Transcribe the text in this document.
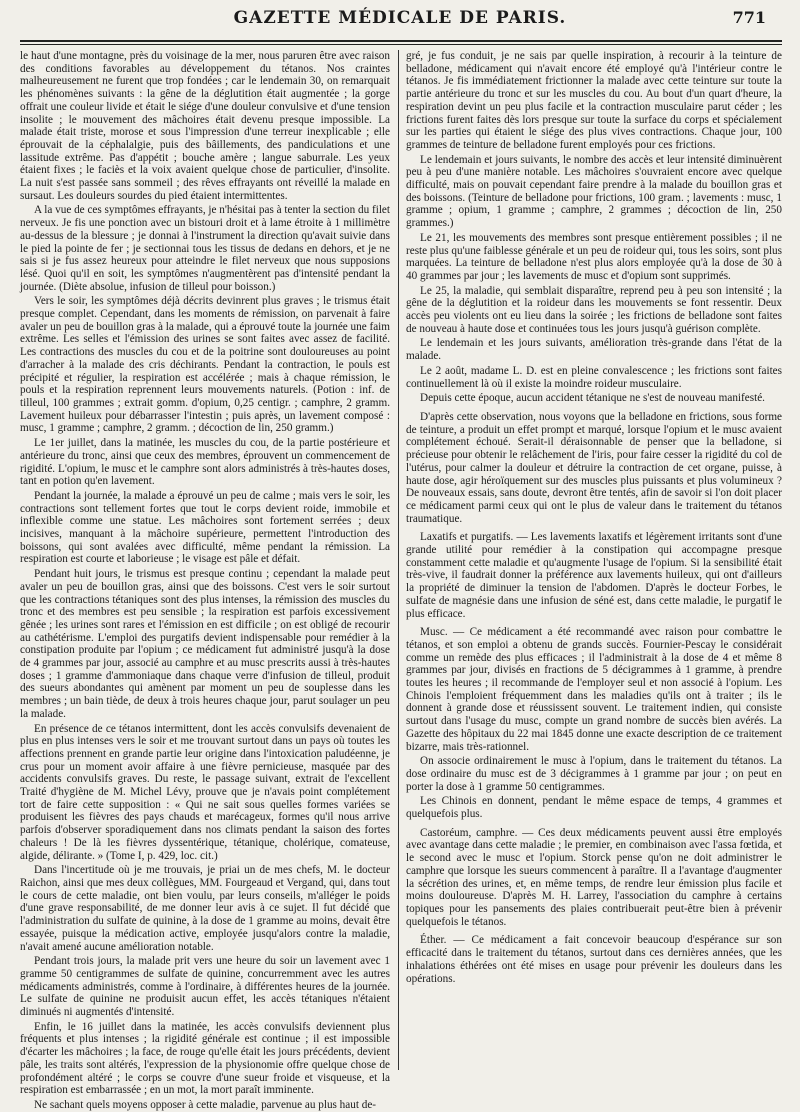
GAZETTE MÉDICALE DE PARIS.	771

le haut d'une montagne, près du voisinage de la mer, nous paruren être avec raison des conditions favorables au développement du tétanos. Nos craintes malheureusement ne furent que trop fondées ; car le lendemain 30, on remarquait les phénomènes suivants : la gêne de la déglutition était augmentée ; la gorge offrait une couleur livide et était le siége d'une douleur convulsive et d'une tension insolite ; le mouvement des mâchoires était devenu presque impossible. La malade était triste, morose et sous l'impression d'une terreur inexplicable ; elle éprouvait de la céphalalgie, puis des bâillements, des pandiculations et une lassitude extrême. Pas d'appétit ; bouche amère ; langue saburrale. Les yeux étaient fixes ; le faciès et la voix avaient quelque chose de particulier, d'insolite. La nuit s'est passée sans sommeil ; des rêves effrayants ont réveillé la malade en sursaut. Les douleurs sourdes du pied étaient intermittentes.

A la vue de ces symptômes effrayants, je n'hésitai pas à tenter la section du filet nerveux. Je fis une ponction avec un bistouri droit et à lame étroite à 1 millimètre au-dessus de la blessure ; je donnai à l'instrument la direction qu'avait suivie dans le pied la pointe de fer ; je sectionnai tous les tissus de dedans en dehors, et je ne sais si je fus assez heureux pour atteindre le filet nerveux que nous supposions lésé. Quoi qu'il en soit, les symptômes n'augmentèrent pas d'intensité pendant la journée. (Diète absolue, infusion de tilleul pour boisson.)

Vers le soir, les symptômes déjà décrits devinrent plus graves ; le trismus était presque complet. Cependant, dans les moments de rémission, on parvenait à faire avaler un peu de bouillon gras à la malade, qui a éprouvé toute la journée une faim extrême. Les selles et l'émission des urines se sont faites avec assez de facilité. Les contractions des muscles du cou et de la poitrine sont douloureuses au point d'arracher à la malade des cris déchirants. Pendant la contraction, le pouls est précipité et régulier, la respiration est accélérée ; mais à chaque rémission, le pouls et la respiration reprennent leurs mouvements naturels. (Potion : inf. de tilleul, 100 grammes ; extrait gomm. d'opium, 0,25 centigr. ; camphre, 2 gramm. Lavement huileux pour débarrasser l'intestin ; puis après, un lavement composé : musc, 1 gramme ; camphre, 2 gramm. ; décoction de lin, 250 gramm.)

Le 1er juillet, dans la matinée, les muscles du cou, de la partie postérieure et antérieure du tronc, ainsi que ceux des membres, éprouvent un commencement de rigidité. L'opium, le musc et le camphre sont alors administrés à très-hautes doses, tant en potion qu'en lavement.

Pendant la journée, la malade a éprouvé un peu de calme ; mais vers le soir, les contractions sont tellement fortes que tout le corps devient roide, immobile et inflexible comme une statue. Les mâchoires sont fortement serrées ; deux incisives, manquant à la mâchoire supérieure, permettent l'introduction des boissons, qui sont avalées avec difficulté, même pendant la rémission. La respiration est courte et laborieuse ; le visage est pâle et défait.

Pendant huit jours, le trismus est presque continu ; cependant la malade peut avaler un peu de bouillon gras, ainsi que des boissons. C'est vers le soir surtout que les contractions tétaniques sont des plus intenses, la rémission des muscles du tronc et des membres est peu sensible ; la respiration est parfois excessivement gênée ; les urines sont rares et l'émission en est difficile ; on est obligé de recourir au cathétérisme. L'emploi des purgatifs devient indispensable pour remédier à la constipation produite par l'opium ; ce médicament fut administré jusqu'à la dose de 4 grammes par jour, associé au camphre et au musc prescrits aussi à très-hautes doses ; 1 gramme d'ammoniaque dans chaque verre d'infusion de tilleul, produit des sueurs abondantes qui amènent par moment un peu de souplesse dans les membres ; un bain tiède, de deux à trois heures chaque jour, parut soulager un peu la malade.

En présence de ce tétanos intermittent, dont les accès convulsifs devenaient de plus en plus intenses vers le soir et me trouvant surtout dans un pays où toutes les affections prennent en grande partie leur origine dans l'intoxication paludéenne, je crus pour un moment avoir affaire à une fièvre pernicieuse, masquée par des accidents convulsifs graves. Du reste, le passage suivant, extrait de l'excellent Traité d'hygiène de M. Michel Lévy, prouve que je n'avais point complétement tort de faire cette supposition : « Qui ne sait sous quelles formes variées se produisent les fièvres des pays chauds et marécageux, formes qu'il nous arrive parfois d'observer sporadiquement dans nos climats pendant la saison des fortes chaleurs ! De là les fièvres dyssentérique, tétanique, cholérique, comateuse, algide, délirante. » (Tome I, p. 429, loc. cit.)

Dans l'incertitude où je me trouvais, je priai un de mes chefs, M. le docteur Raichon, ainsi que mes deux collègues, MM. Fourgeaud et Vergand, qui, dans tout le cours de cette maladie, ont bien voulu, par leurs conseils, m'alléger le poids d'une grave responsabilité, de me donner leur avis à ce sujet. Il fut décidé que l'administration du sulfate de quinine, à la dose de 1 gramme au moins, devait être essayée, puisque la médication active, employée jusqu'alors contre la maladie, n'avait amené aucune amélioration notable.

Pendant trois jours, la malade prit vers une heure du soir un lavement avec 1 gramme 50 centigrammes de sulfate de quinine, concurremment avec les autres médicaments administrés, comme à l'ordinaire, à différentes heures de la journée. Le sulfate de quinine ne produisit aucun effet, les accès tétaniques n'étaient diminués ni augmentés d'intensité.

Enfin, le 16 juillet dans la matinée, les accès convulsifs deviennent plus fréquents et plus intenses ; la rigidité générale est continue ; il est impossible d'écarter les mâchoires ; la face, de rouge qu'elle était les jours précédents, devient pâle, les traits sont altérés, l'expression de la physionomie offre quelque chose de profondément altéré ; le corps se couvre d'une sueur froide et visqueuse, et la respiration est embarrassée ; en un mot, la mort paraît imminente.

Ne sachant quels moyens opposer à cette maladie, parvenue au plus haut de-

gré, je fus conduit, je ne sais par quelle inspiration, à recourir à la teinture de belladone, médicament qui n'avait encore été employé qu'à l'intérieur contre le tétanos. Je fis immédiatement frictionner la malade avec cette teinture sur toute la partie antérieure du tronc et sur les muscles du cou. Au bout d'un quart d'heure, la respiration devint un peu plus facile et la contraction musculaire parut céder ; les frictions furent faites dès lors presque sur toute la surface du corps et spécialement sur les parties qui étaient le siége des plus vives contractions. Chaque jour, 100 grammes de teinture de belladone furent employés pour ces frictions.

Le lendemain et jours suivants, le nombre des accès et leur intensité diminuèrent peu à peu d'une manière notable. Les mâchoires s'ouvraient encore avec quelque difficulté, mais on pouvait cependant faire prendre à la malade du bouillon gras et des boissons. (Teinture de belladone pour frictions, 100 gram. ; lavements : musc, 1 gramme ; opium, 1 gramme ; camphre, 2 grammes ; décoction de lin, 250 grammes.)

Le 21, les mouvements des membres sont presque entièrement possibles ; il ne reste plus qu'une faiblesse générale et un peu de roideur qui, tous les soirs, sont plus marquées. La teinture de belladone n'est plus alors employée qu'à la dose de 30 à 40 grammes par jour ; les lavements de musc et d'opium sont supprimés.

Le 25, la maladie, qui semblait disparaître, reprend peu à peu son intensité ; la gêne de la déglutition et la roideur dans les mouvements se font ressentir. Deux accès peu violents ont eu lieu dans la soirée ; les frictions de belladone sont faites de nouveau à haute dose et continuées tous les jours jusqu'à guérison complète.

Le lendemain et les jours suivants, amélioration très-grande dans l'état de la malade.

Le 2 août, madame L. D. est en pleine convalescence ; les frictions sont faites continuellement là où il existe la moindre roideur musculaire.

Depuis cette époque, aucun accident tétanique ne s'est de nouveau manifesté.

D'après cette observation, nous voyons que la belladone en frictions, sous forme de teinture, a produit un effet prompt et marqué, lorsque l'opium et le musc avaient complétement échoué. Serait-il déraisonnable de penser que la belladone, si précieuse pour obtenir le relâchement de l'iris, pour faire cesser la rigidité du col de l'utérus, pour calmer la douleur et détruire la contraction de cet organe, puisse, à haute dose, agir héroïquement sur des muscles plus puissants et plus volumineux ? De nouveaux essais, sans doute, devront être tentés, afin de savoir si l'on doit placer ce médicament parmi ceux qui ont le plus de valeur dans le traitement du tétanos traumatique.

Laxatifs et purgatifs. — Les lavements laxatifs et légèrement irritants sont d'une grande utilité pour remédier à la constipation qui accompagne presque constamment cette maladie et qu'augmente l'usage de l'opium. Si la sensibilité était très-vive, il faudrait donner la préférence aux lavements huileux, qui ont d'ailleurs la propriété de diminuer la tension de l'abdomen. D'après le docteur Forbes, le sulfate de magnésie dans une infusion de séné est, dans cette maladie, le purgatif le plus efficace.

Musc. — Ce médicament a été recommandé avec raison pour combattre le tétanos, et son emploi a obtenu de grands succès. Fournier-Pescay le considérait comme un remède des plus efficaces ; il l'administrait à la dose de 4 et même 8 grammes par jour, divisés en fractions de 5 décigrammes à 1 gramme, à prendre toutes les heures ; il recommande de l'employer seul et non associé à l'opium. Les Chinois l'emploient fréquemment dans les maladies qu'ils ont à traiter ; ils le donnent à grande dose et réussissent souvent. Le traitement indien, qui consiste surtout dans l'usage du musc, compte un grand nombre de succès bien avérés. La Gazette des hôpitaux du 22 mai 1845 donne une exacte description de ce traitement bizarre, mais très-rationnel.

On associe ordinairement le musc à l'opium, dans le traitement du tétanos. La dose ordinaire du musc est de 3 décigrammes à 1 gramme par jour ; on peut en porter la dose à 1 gramme 50 centigrammes.

Les Chinois en donnent, pendant le même espace de temps, 4 grammes et quelquefois plus.

Castoréum, camphre. — Ces deux médicaments peuvent aussi être employés avec avantage dans cette maladie ; le premier, en combinaison avec l'assa fœtida, et le second avec le musc et l'opium. Storck pense qu'on ne doit administrer le camphre que lorsque les sueurs commencent à paraître. Il a l'avantage d'augmenter la sécrétion des urines, et, en même temps, de rendre leur émission plus facile et moins douloureuse. D'après M. H. Larrey, l'association du camphre à certains topiques pour les pansements des plaies contribuerait peut-être bien à prévenir quelquefois le tétanos.

Éther. — Ce médicament a fait concevoir beaucoup d'espérance sur son efficacité dans le traitement du tétanos, surtout dans ces dernières années, que les inhalations éthérées ont été mises en usage pour prévenir les douleurs dans les opérations.
